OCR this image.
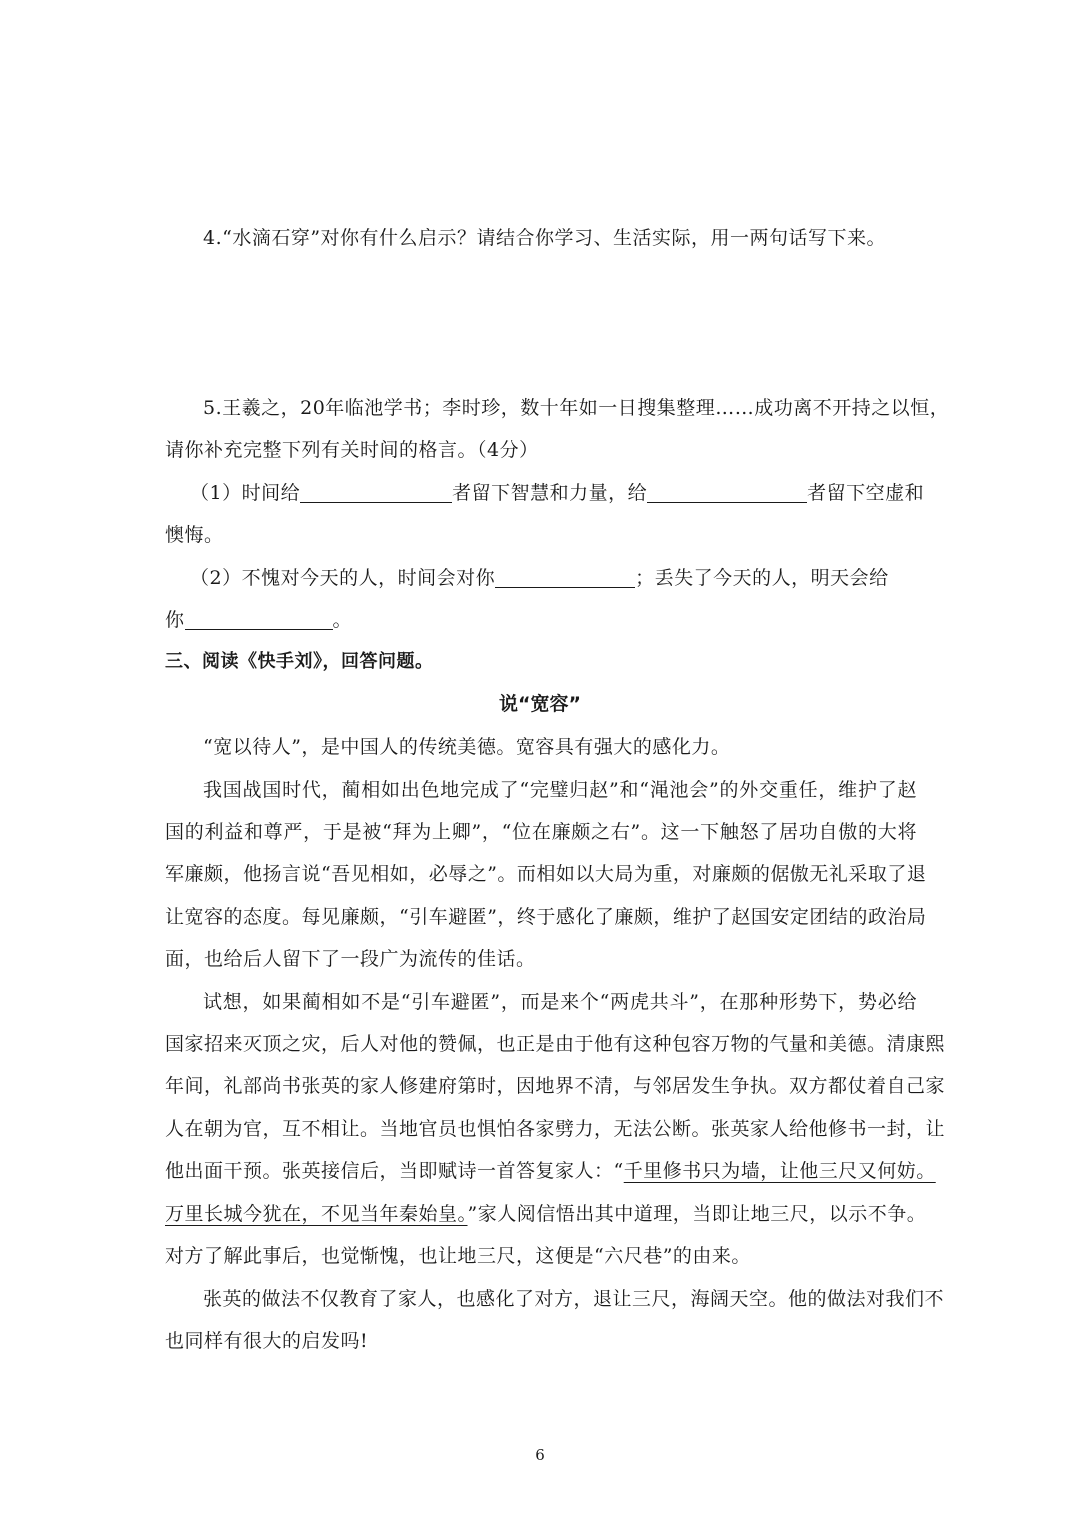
4.“水滴石穿”对你有什么启示？请结合你学习、生活实际，用一两句话写下来。
5.王羲之，20年临池学书；李时珍，数十年如一日搜集整理……成功离不开持之以恒，
请你补充完整下列有关时间的格言。（4分）
（1）时间给	者留下智慧和力量，给	者留下空虚和
懊悔。
（2）不愧对今天的人，时间会对你	；丢失了今天的人，明天会给
你	。
三、阅读《快手刘》，回答问题。
说“宽容”
“宽以待人”，是中国人的传统美德。宽容具有强大的感化力。
我国战国时代，蔺相如出色地完成了“完璧归赵”和“渑池会”的外交重任，维护了赵
国的利益和尊严，于是被“拜为上卿”，“位在廉颇之右”。这一下触怒了居功自傲的大将
军廉颇，他扬言说“吾见相如，必辱之”。而相如以大局为重，对廉颇的倨傲无礼采取了退
让宽容的态度。每见廉颇，“引车避匿”，终于感化了廉颇，维护了赵国安定团结的政治局
面，也给后人留下了一段广为流传的佳话。
试想，如果蔺相如不是“引车避匿”，而是来个“两虎共斗”，在那种形势下，势必给
国家招来灭顶之灾，后人对他的赞佩，也正是由于他有这种包容万物的气量和美德。清康熙
年间，礼部尚书张英的家人修建府第时，因地界不清，与邻居发生争执。双方都仗着自己家
人在朝为官，互不相让。当地官员也惧怕各家劈力，无法公断。张英家人给他修书一封，让
他出面干预。张英接信后，当即赋诗一首答复家人：“千里修书只为墙，让他三尺又何妨。
万里长城今犹在，不见当年秦始皇。”家人阅信悟出其中道理，当即让地三尺，以示不争。
对方了解此事后，也觉惭愧，也让地三尺，这便是“六尺巷”的由来。
张英的做法不仅教育了家人，也感化了对方，退让三尺，海阔天空。他的做法对我们不
也同样有很大的启发吗!
6
